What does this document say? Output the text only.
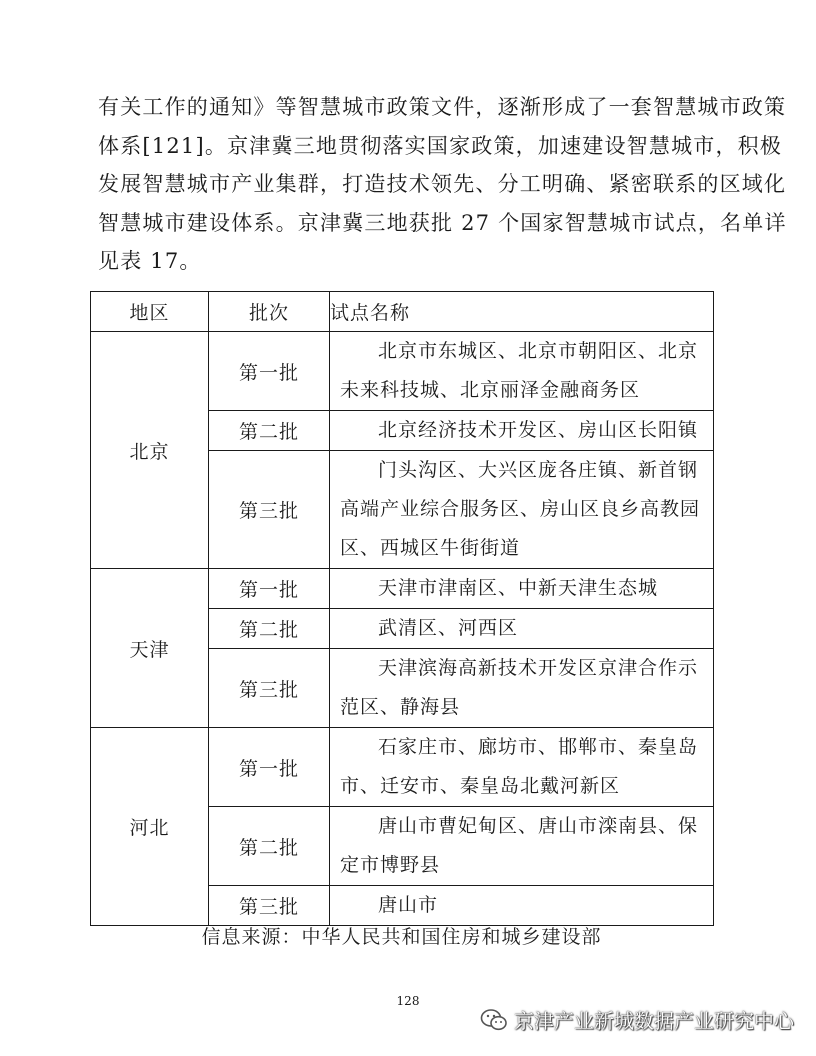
有关工作的通知》等智慧城市政策文件，逐渐形成了一套智慧城市政策
体系[121]。京津冀三地贯彻落实国家政策，加速建设智慧城市，积极
发展智慧城市产业集群，打造技术领先、分工明确、紧密联系的区域化
智慧城市建设体系。京津冀三地获批 27 个国家智慧城市试点，名单详
见表 17。

地区	批次	试点名称
北京	第一批	北京市东城区、北京市朝阳区、北京未来科技城、北京丽泽金融商务区
	第二批	北京经济技术开发区、房山区长阳镇
	第三批	门头沟区、大兴区庞各庄镇、新首钢高端产业综合服务区、房山区良乡高教园区、西城区牛街街道
天津	第一批	天津市津南区、中新天津生态城
	第二批	武清区、河西区
	第三批	天津滨海高新技术开发区京津合作示范区、静海县
河北	第一批	石家庄市、廊坊市、邯郸市、秦皇岛市、迁安市、秦皇岛北戴河新区
	第二批	唐山市曹妃甸区、唐山市滦南县、保定市博野县
	第三批	唐山市
信息来源：中华人民共和国住房和城乡建设部
128
京津产业新城数据产业研究中心
